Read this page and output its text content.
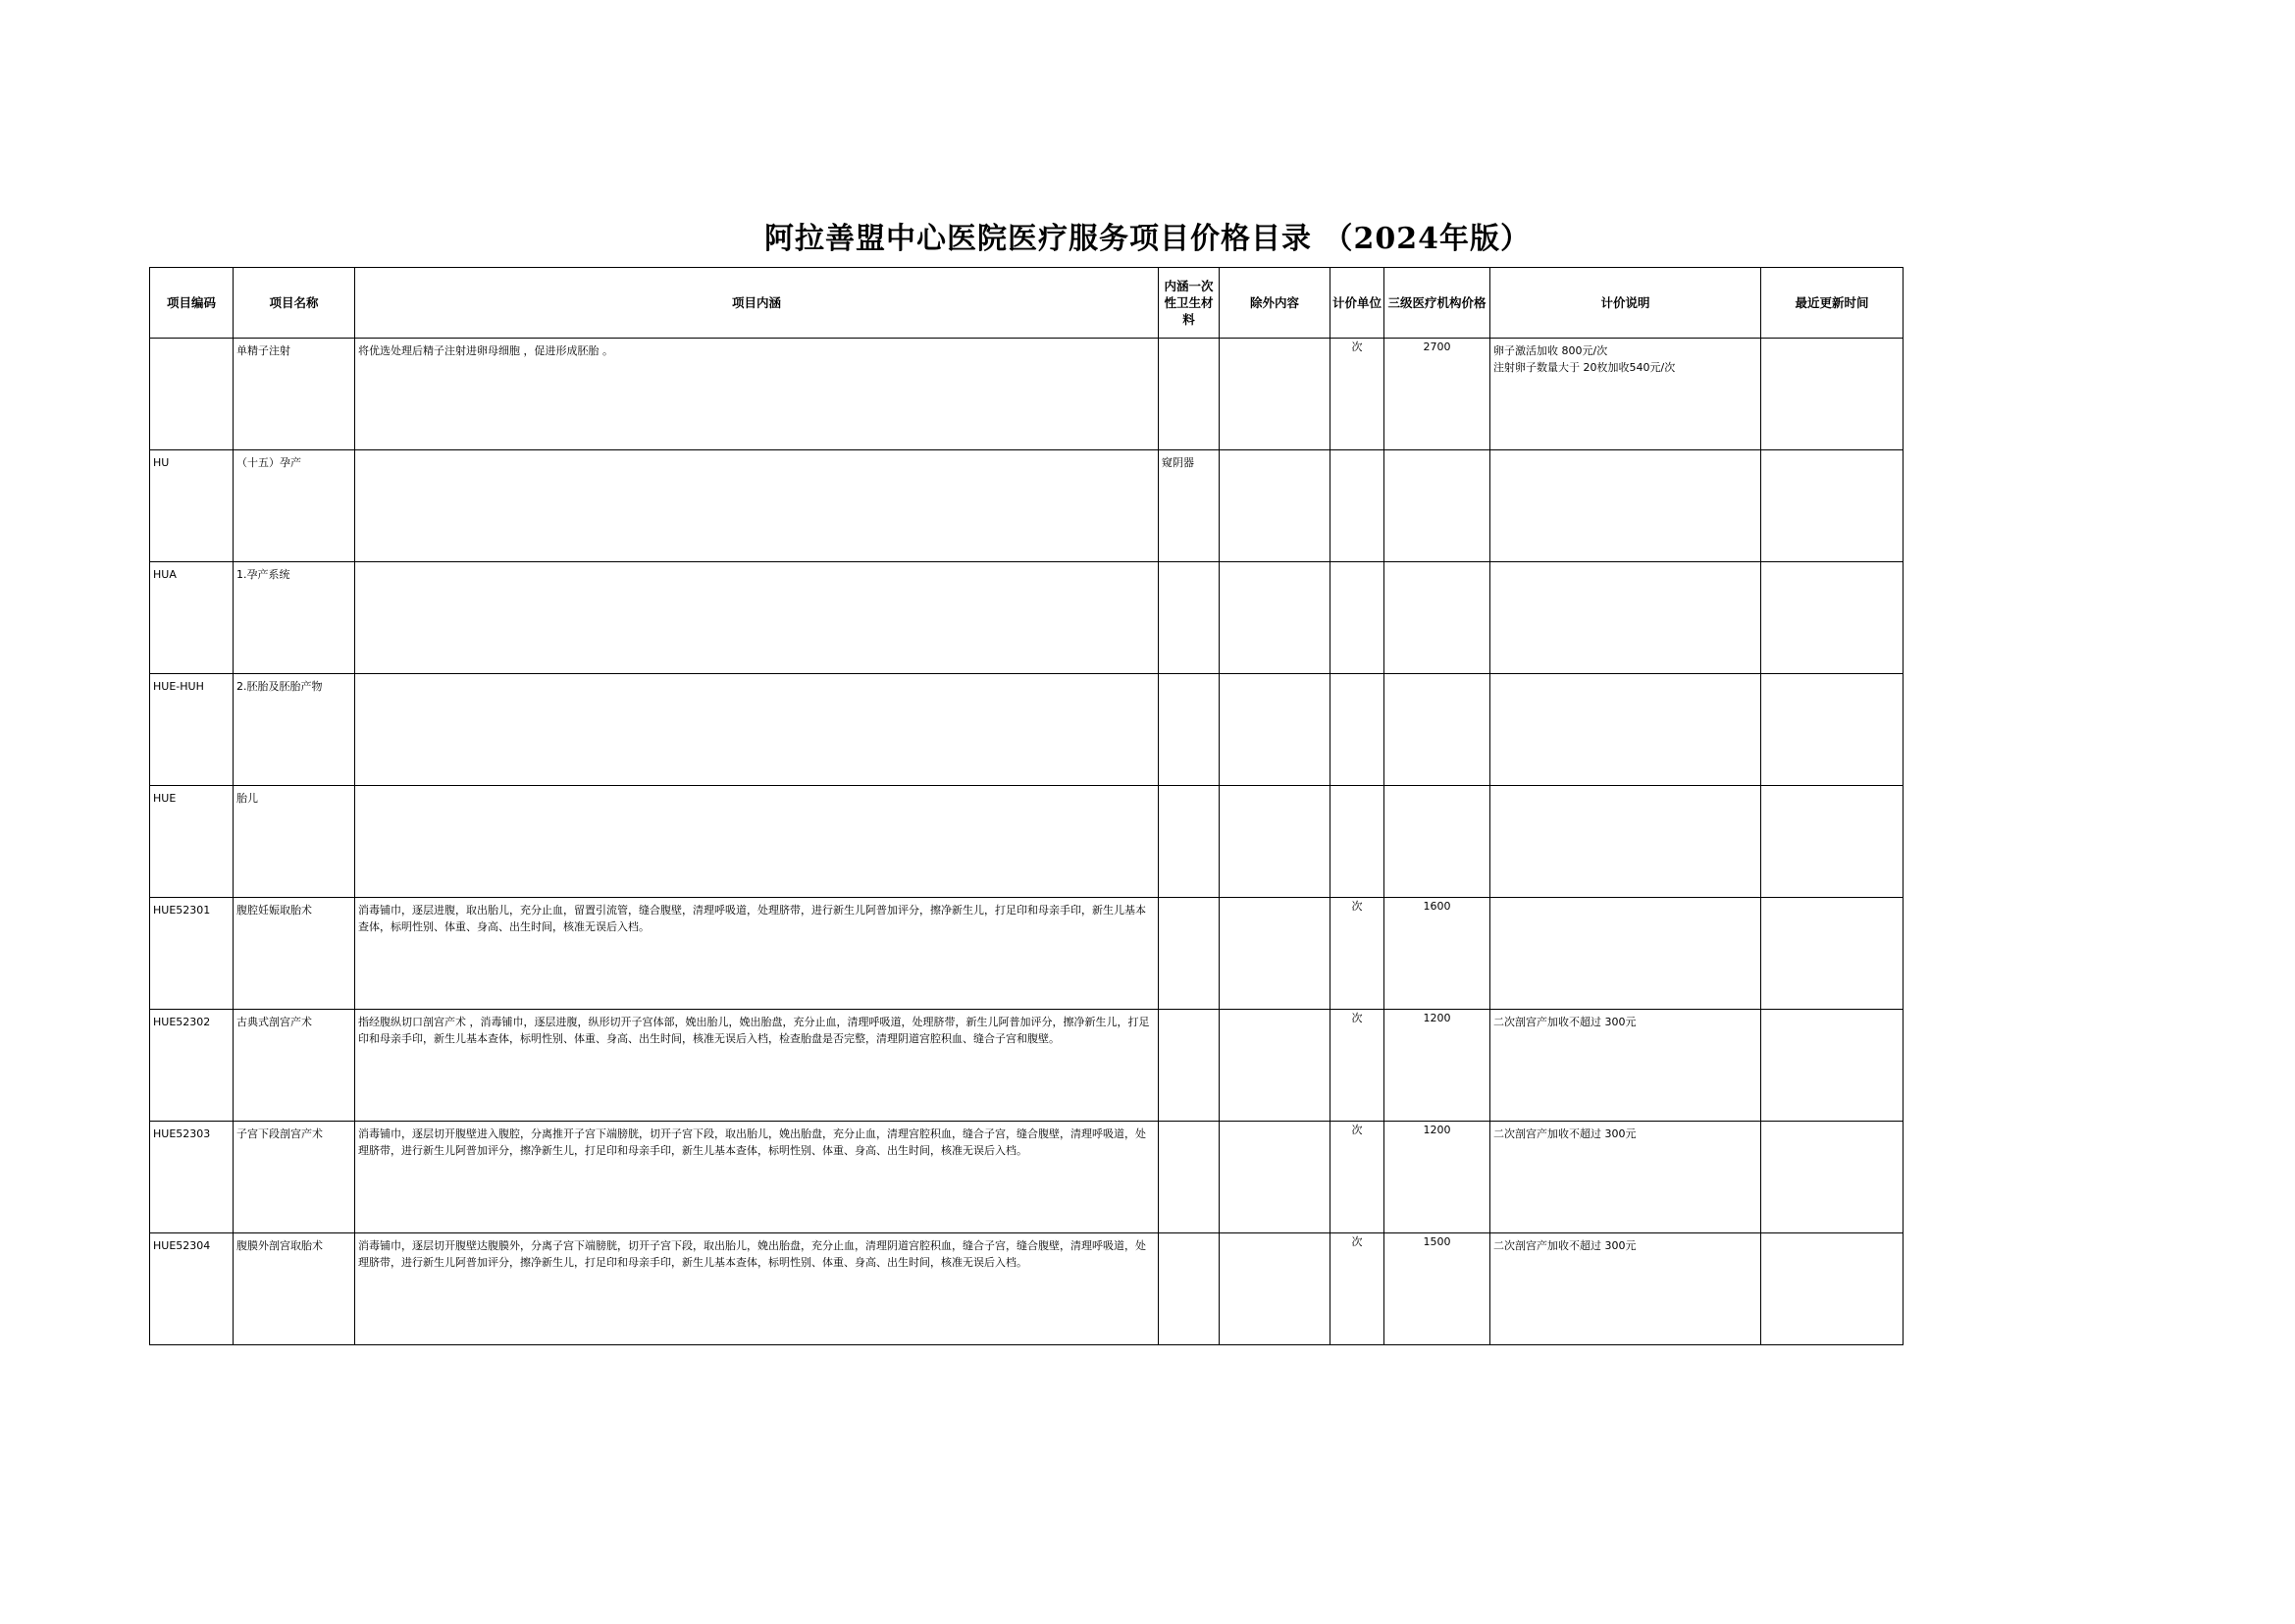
阿拉善盟中心医院医疗服务项目价格目录 （2024年版）
项目编码	项目名称	项目内涵	内涵一次性卫生材料	除外内容	计价单位	三级医疗机构价格	计价说明	最近更新时间

	单精子注射	将优选处理后精子注射进卵母细胞 ，促进形成胚胎 。			次	2700	卵子激活加收 800元/次
注射卵子数量大于 20枚加收540元/次	

HU	（十五）孕产		窥阴器					

HUA	1.孕产系统							

HUE-HUH	2.胚胎及胚胎产物							

HUE	胎儿							

HUE52301	腹腔妊娠取胎术	消毒铺巾，逐层进腹，取出胎儿，充分止血，留置引流管，缝合腹壁，清理呼吸道，处理脐带，进行新生儿阿普加评分，擦净新生儿，打足印和母亲手印，新生儿基本查体，标明性别、体重、身高、出生时间，核准无误后入档。			次	1600		

HUE52302	古典式剖宫产术	指经腹纵切口剖宫产术 ，消毒铺巾，逐层进腹，纵形切开子宫体部，娩出胎儿，娩出胎盘，充分止血，清理呼吸道，处理脐带，新生儿阿普加评分，擦净新生儿，打足印和母亲手印，新生儿基本查体，标明性别、体重、身高、出生时间，核准无误后入档，检查胎盘是否完整，清理阴道宫腔积血、缝合子宫和腹壁。			次	1200	二次剖宫产加收不超过 300元	

HUE52303	子宫下段剖宫产术	消毒铺巾，逐层切开腹壁进入腹腔，分离推开子宫下端膀胱，切开子宫下段，取出胎儿，娩出胎盘，充分止血，清理宫腔积血，缝合子宫，缝合腹壁，清理呼吸道，处理脐带，进行新生儿阿普加评分，擦净新生儿，打足印和母亲手印，新生儿基本查体，标明性别、体重、身高、出生时间，核准无误后入档。			次	1200	二次剖宫产加收不超过 300元	

HUE52304	腹膜外剖宫取胎术	消毒铺巾，逐层切开腹壁达腹膜外，分离子宫下端膀胱，切开子宫下段，取出胎儿，娩出胎盘，充分止血，清理阴道宫腔积血，缝合子宫，缝合腹壁，清理呼吸道，处理脐带，进行新生儿阿普加评分，擦净新生儿，打足印和母亲手印，新生儿基本查体，标明性别、体重、身高、出生时间，核准无误后入档。			次	1500	二次剖宫产加收不超过 300元	
